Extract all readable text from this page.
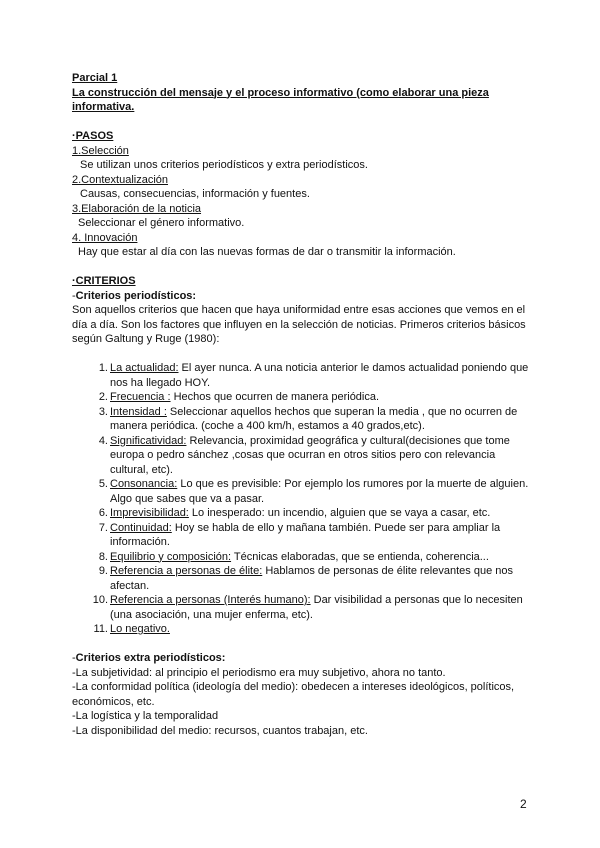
Parcial 1

La construcción del mensaje y el proceso informativo (como elaborar una pieza informativa.

·PASOS

1.Selección

Se utilizan unos criterios periodísticos y extra periodísticos.

2.Contextualización

Causas, consecuencias, información y fuentes.

3.Elaboración de la noticia

Seleccionar el género informativo.

4. Innovación

Hay que estar al día con las nuevas formas de dar o transmitir la información.

·CRITERIOS

-Criterios periodísticos:

Son aquellos criterios que hacen que haya uniformidad entre esas acciones que vemos en el día a día. Son los factores que influyen en la selección de noticias. Primeros criterios básicos según Galtung y Ruge (1980):

1. La actualidad: El ayer nunca. A una noticia anterior le damos actualidad poniendo que nos ha llegado HOY.
2. Frecuencia : Hechos que ocurren de manera periódica.
3. Intensidad : Seleccionar aquellos hechos que superan la media , que no ocurren de manera periódica. (coche a 400 km/h, estamos a 40 grados,etc).
4. Significatividad: Relevancia, proximidad geográfica y cultural(decisiones que tome europa o pedro sánchez ,cosas que ocurran en otros sitios pero con relevancia cultural, etc).
5. Consonancia: Lo que es previsible: Por ejemplo los rumores por la muerte de alguien. Algo que sabes que va a pasar.
6. Imprevisibilidad: Lo inesperado: un incendio, alguien que se vaya a casar, etc.
7. Continuidad: Hoy se habla de ello y mañana también. Puede ser para ampliar la información.
8. Equilibrio y composición: Técnicas elaboradas, que se entienda, coherencia...
9. Referencia a personas de élite: Hablamos de personas de élite relevantes que nos afectan.
10. Referencia a personas (Interés humano): Dar visibilidad a personas que lo necesiten (una asociación, una mujer enferma, etc).
11. Lo negativo.

-Criterios extra periodísticos:

-La subjetividad: al principio el periodismo era muy subjetivo, ahora no tanto.

-La conformidad política (ideología del medio): obedecen a intereses ideológicos, políticos, económicos, etc.

-La logística y la temporalidad

-La disponibilidad del medio: recursos, cuantos trabajan, etc.

2
